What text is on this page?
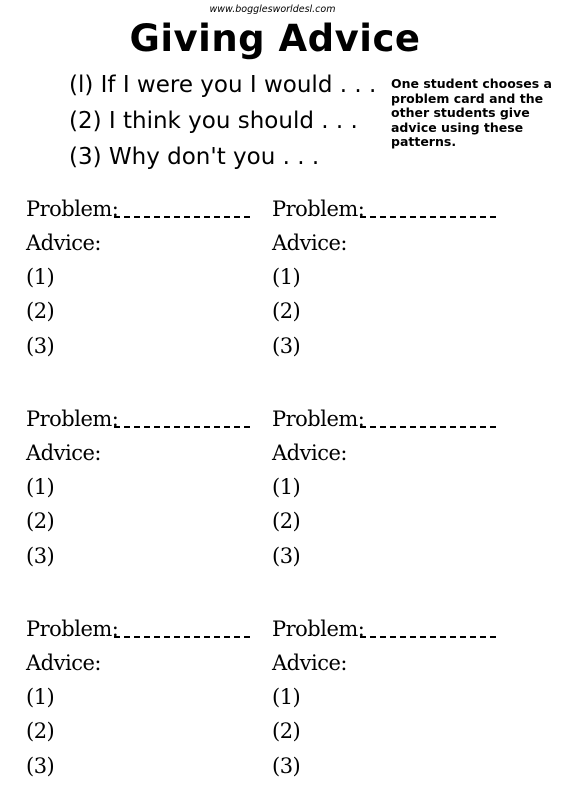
www.bogglesworldesl.com
Giving Advice
(l) If I were you I would . . .
(2) I think you should . . .
(3) Why don't you . . .
One student chooses a problem card and the other students give advice using these patterns.
Problem:
Advice:
(1)
(2)
(3)
Problem:
Advice:
(1)
(2)
(3)
Problem:
Advice:
(1)
(2)
(3)
Problem:
Advice:
(1)
(2)
(3)
Problem:
Advice:
(1)
(2)
(3)
Problem:
Advice:
(1)
(2)
(3)
